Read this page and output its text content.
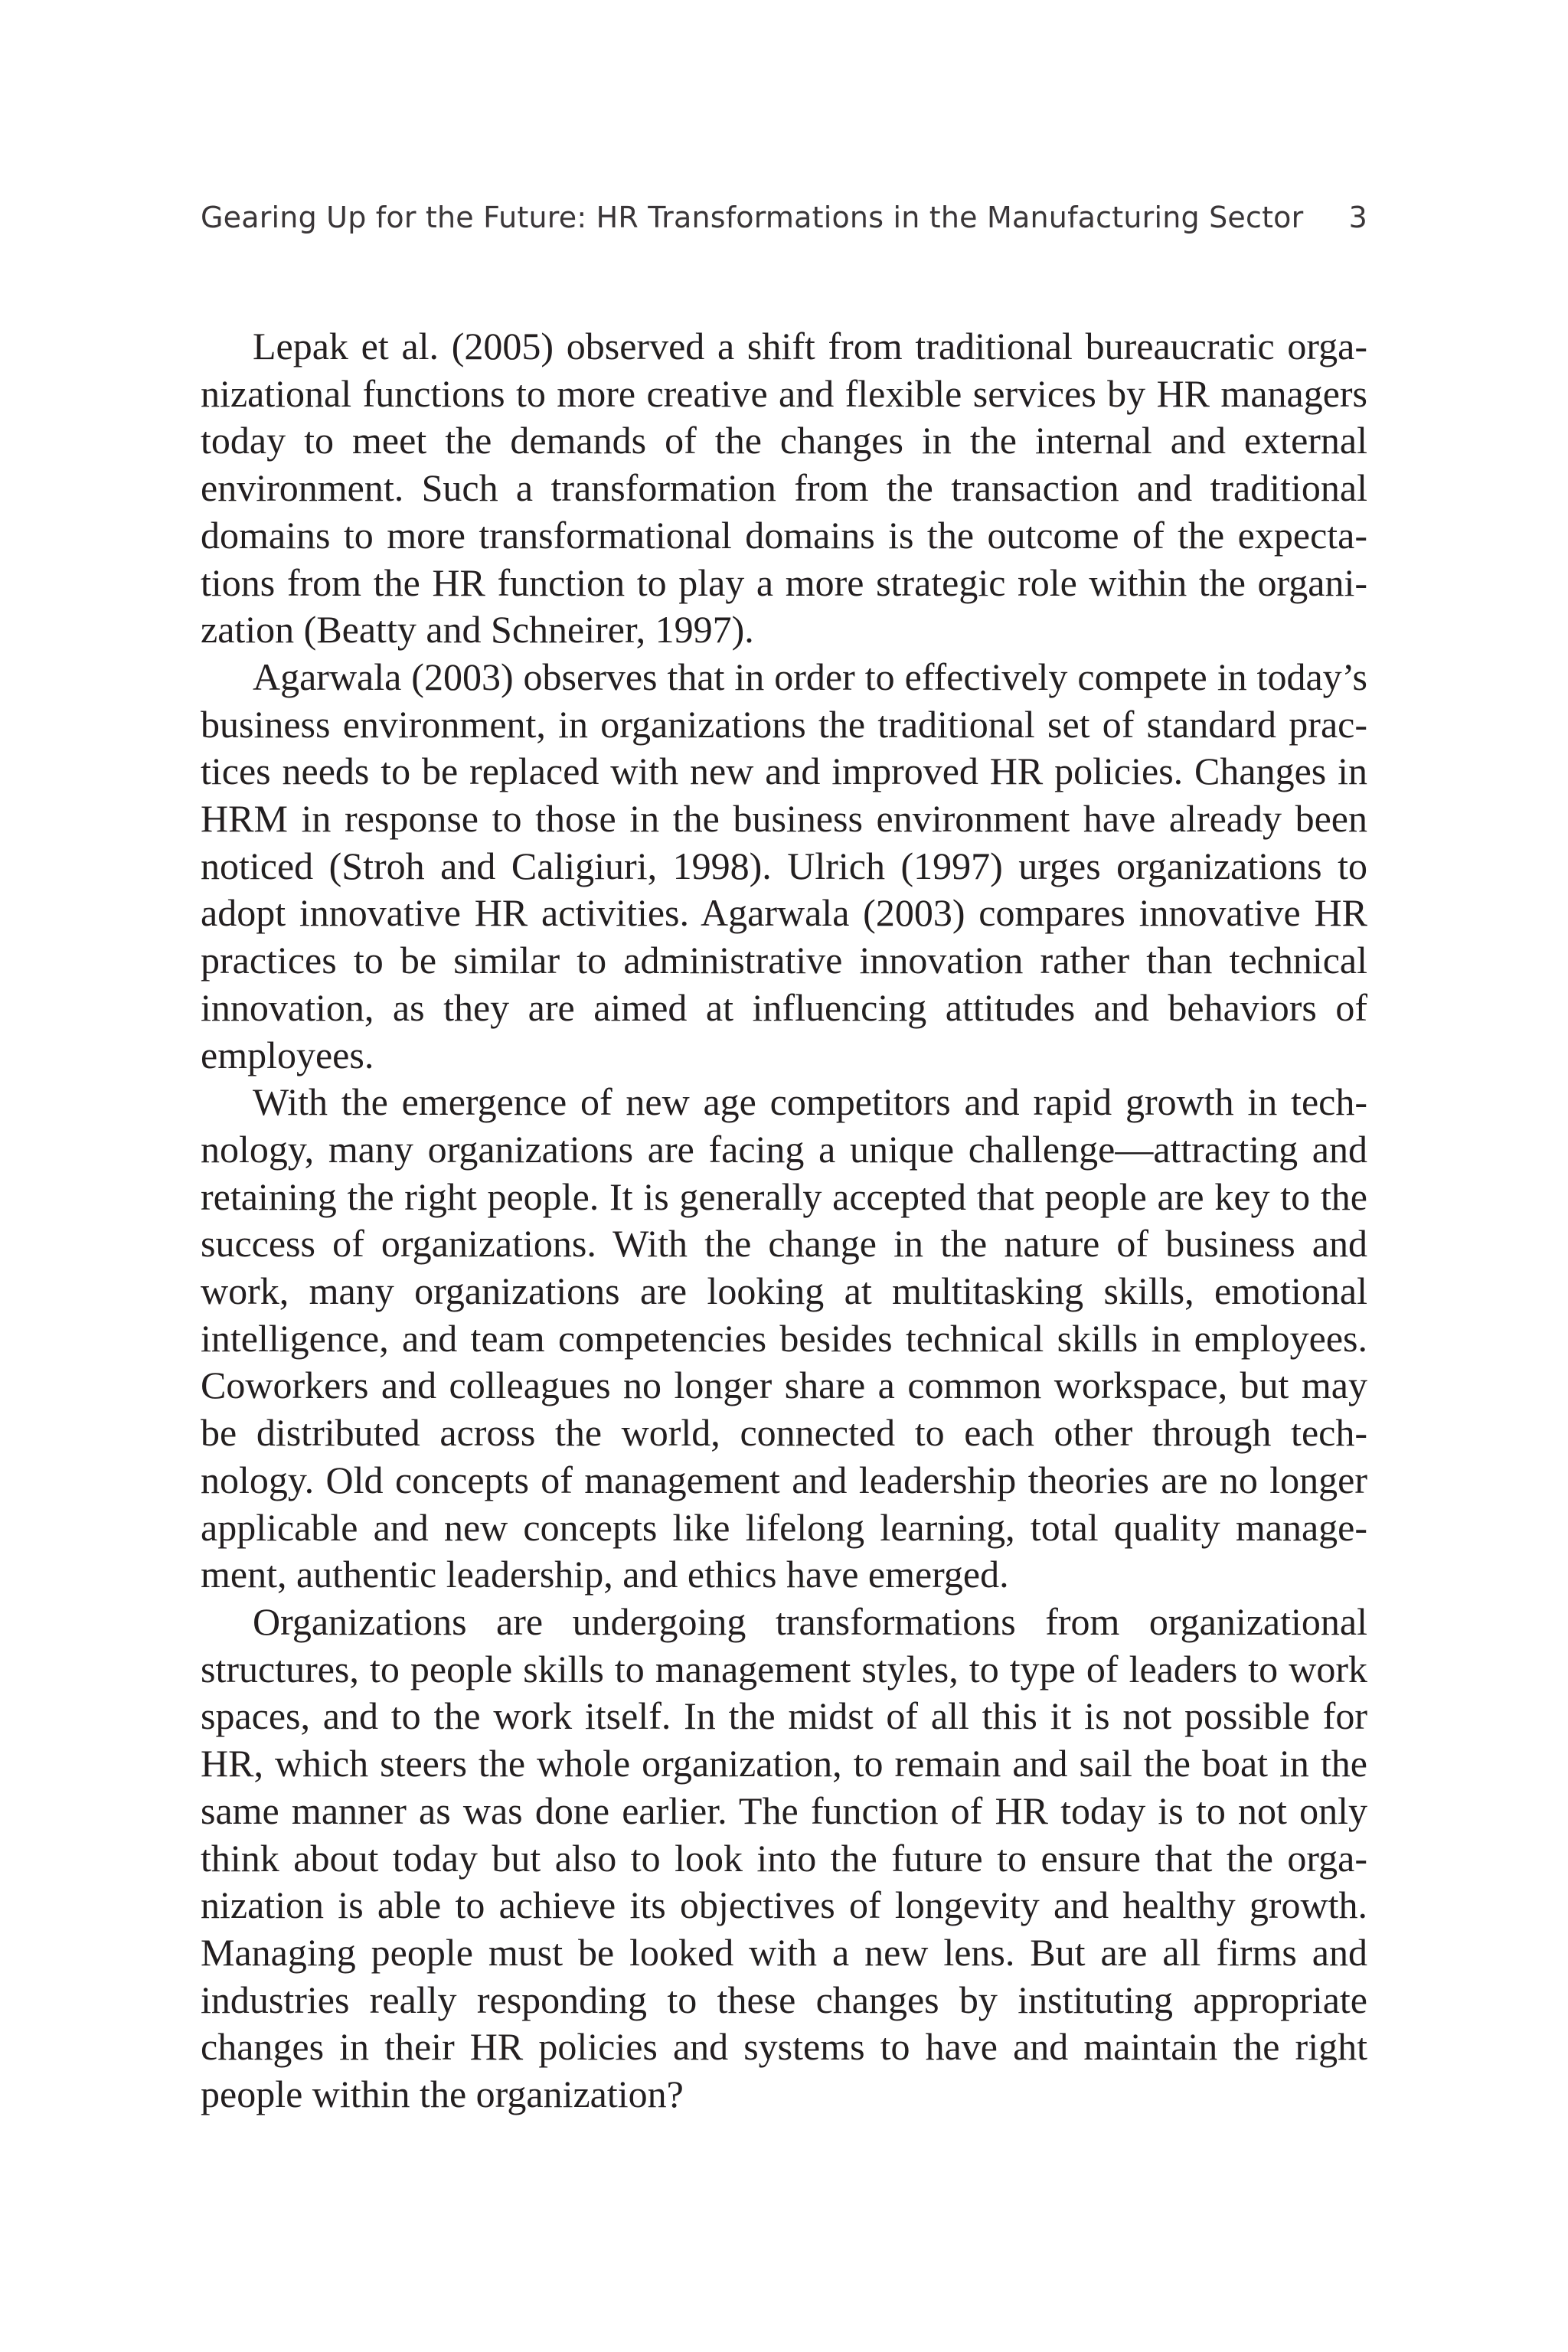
Gearing Up for the Future: HR Transformations in the Manufacturing Sector 3

Lepak et al. (2005) observed a shift from traditional bureaucratic organizational functions to more creative and flexible services by HR managers today to meet the demands of the changes in the internal and external environment. Such a transformation from the transaction and traditional domains to more transformational domains is the outcome of the expectations from the HR function to play a more strategic role within the organization (Beatty and Schneirer, 1997).

Agarwala (2003) observes that in order to effectively compete in today’s business environment, in organizations the traditional set of standard practices needs to be replaced with new and improved HR policies. Changes in HRM in response to those in the business environment have already been noticed (Stroh and Caligiuri, 1998). Ulrich (1997) urges organizations to adopt innovative HR activities. Agarwala (2003) compares innovative HR practices to be similar to administrative innovation rather than technical innovation, as they are aimed at influencing attitudes and behaviors of employees.

With the emergence of new age competitors and rapid growth in technology, many organizations are facing a unique challenge—attracting and retaining the right people. It is generally accepted that people are key to the success of organizations. With the change in the nature of business and work, many organizations are looking at multitasking skills, emotional intelligence, and team competencies besides technical skills in employees. Coworkers and colleagues no longer share a common workspace, but may be distributed across the world, connected to each other through technology. Old concepts of management and leadership theories are no longer applicable and new concepts like lifelong learning, total quality management, authentic leadership, and ethics have emerged.

Organizations are undergoing transformations from organizational structures, to people skills to management styles, to type of leaders to work spaces, and to the work itself. In the midst of all this it is not possible for HR, which steers the whole organization, to remain and sail the boat in the same manner as was done earlier. The function of HR today is to not only think about today but also to look into the future to ensure that the organization is able to achieve its objectives of longevity and healthy growth. Managing people must be looked with a new lens. But are all firms and industries really responding to these changes by instituting appropriate changes in their HR policies and systems to have and maintain the right people within the organization?
